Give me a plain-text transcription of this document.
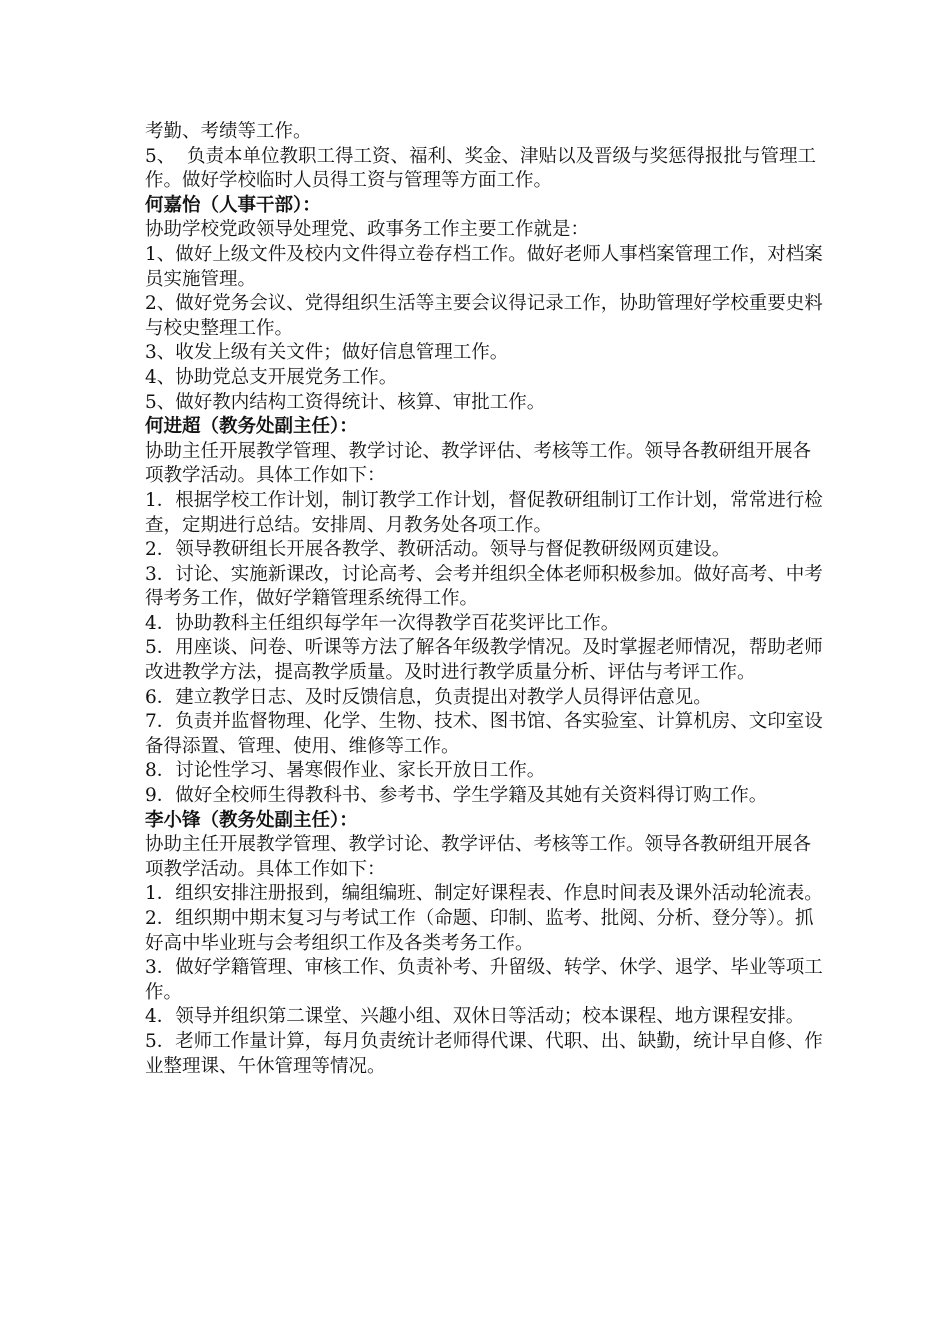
考勤、考绩等工作。

5、  负责本单位教职工得工资、福利、奖金、津贴以及晋级与奖惩得报批与管理工作。做好学校临时人员得工资与管理等方面工作。

何嘉怡（人事干部）：

协助学校党政领导处理党、政事务工作主要工作就是：

1、做好上级文件及校内文件得立卷存档工作。做好老师人事档案管理工作，对档案员实施管理。

2、做好党务会议、党得组织生活等主要会议得记录工作，协助管理好学校重要史料与校史整理工作。

3、收发上级有关文件；做好信息管理工作。

4、协助党总支开展党务工作。

5、做好教内结构工资得统计、核算、审批工作。

何进超（教务处副主任）：

协助主任开展教学管理、教学讨论、教学评估、考核等工作。领导各教研组开展各项教学活动。具体工作如下：

1．根据学校工作计划，制订教学工作计划，督促教研组制订工作计划，常常进行检查，定期进行总结。安排周、月教务处各项工作。

2．领导教研组长开展各教学、教研活动。领导与督促教研级网页建设。

3．讨论、实施新课改，讨论高考、会考并组织全体老师积极参加。做好高考、中考得考务工作，做好学籍管理系统得工作。

4．协助教科主任组织每学年一次得教学百花奖评比工作。

5．用座谈、问卷、听课等方法了解各年级教学情况。及时掌握老师情况，帮助老师改进教学方法，提高教学质量。及时进行教学质量分析、评估与考评工作。

6．建立教学日志、及时反馈信息，负责提出对教学人员得评估意见。

7．负责并监督物理、化学、生物、技术、图书馆、各实验室、计算机房、文印室设备得添置、管理、使用、维修等工作。

8．讨论性学习、暑寒假作业、家长开放日工作。

9．做好全校师生得教科书、参考书、学生学籍及其她有关资料得订购工作。

李小锋（教务处副主任）：

协助主任开展教学管理、教学讨论、教学评估、考核等工作。领导各教研组开展各项教学活动。具体工作如下：

1．组织安排注册报到，编组编班、制定好课程表、作息时间表及课外活动轮流表。

2．组织期中期末复习与考试工作（命题、印制、监考、批阅、分析、登分等）。抓好高中毕业班与会考组织工作及各类考务工作。

3．做好学籍管理、审核工作、负责补考、升留级、转学、休学、退学、毕业等项工作。

4．领导并组织第二课堂、兴趣小组、双休日等活动；校本课程、地方课程安排。

5．老师工作量计算，每月负责统计老师得代课、代职、出、缺勤，统计早自修、作业整理课、午休管理等情况。
